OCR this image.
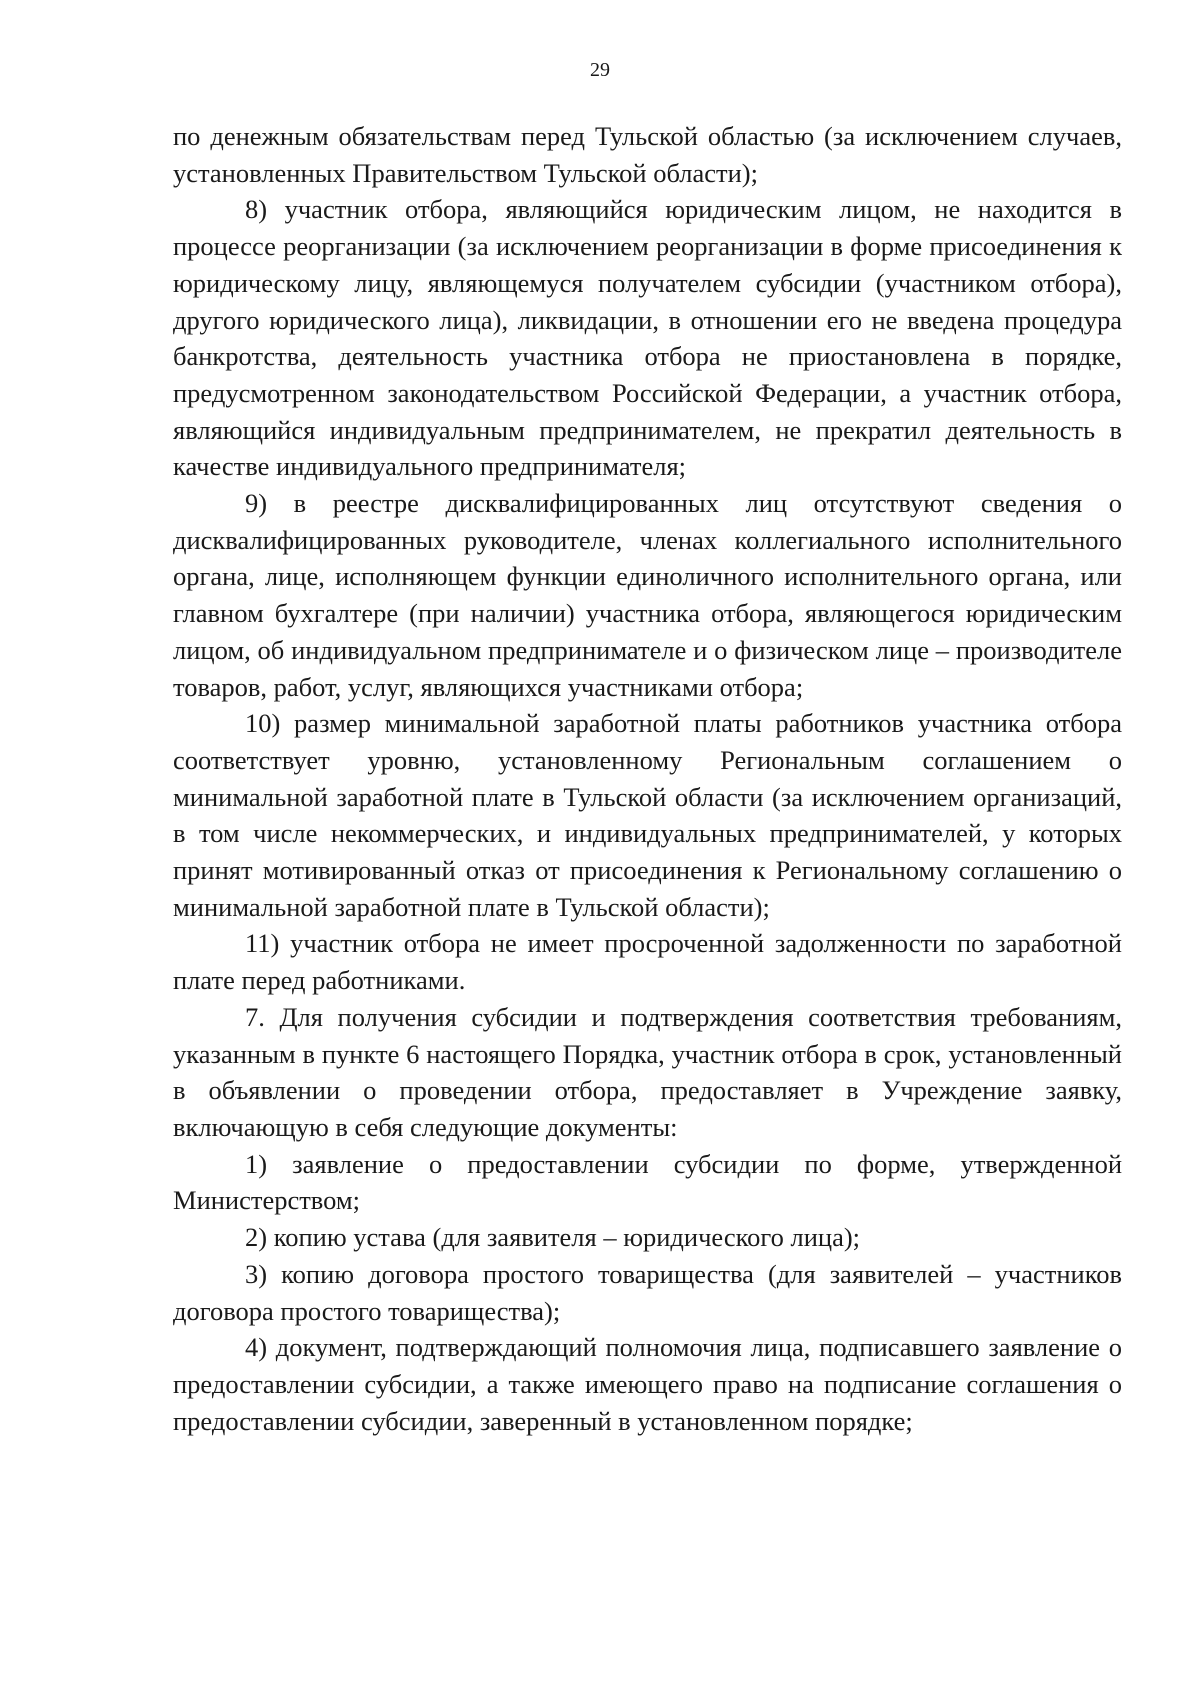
29

по денежным обязательствам перед Тульской областью (за исключением случаев, установленных Правительством Тульской области);

8) участник отбора, являющийся юридическим лицом, не находится в процессе реорганизации (за исключением реорганизации в форме присоединения к юридическому лицу, являющемуся получателем субсидии (участником отбора), другого юридического лица), ликвидации, в отношении его не введена процедура банкротства, деятельность участника отбора не приостановлена в порядке, предусмотренном законодательством Российской Федерации, а участник отбора, являющийся индивидуальным предпринимателем, не прекратил деятельность в качестве индивидуального предпринимателя;

9) в реестре дисквалифицированных лиц отсутствуют сведения о дисквалифицированных руководителе, членах коллегиального исполнительного органа, лице, исполняющем функции единоличного исполнительного органа, или главном бухгалтере (при наличии) участника отбора, являющегося юридическим лицом, об индивидуальном предпринимателе и о физическом лице – производителе товаров, работ, услуг, являющихся участниками отбора;

10) размер минимальной заработной платы работников участника отбора соответствует уровню, установленному Региональным соглашением о минимальной заработной плате в Тульской области (за исключением организаций, в том числе некоммерческих, и индивидуальных предпринимателей, у которых принят мотивированный отказ от присоединения к Региональному соглашению о минимальной заработной плате в Тульской области);

11) участник отбора не имеет просроченной задолженности по заработной плате перед работниками.

7. Для получения субсидии и подтверждения соответствия требованиям, указанным в пункте 6 настоящего Порядка, участник отбора в срок, установленный в объявлении о проведении отбора, предоставляет в Учреждение заявку, включающую в себя следующие документы:

1) заявление о предоставлении субсидии по форме, утвержденной Министерством;

2) копию устава (для заявителя – юридического лица);

3) копию договора простого товарищества (для заявителей – участников договора простого товарищества);

4) документ, подтверждающий полномочия лица, подписавшего заявление о предоставлении субсидии, а также имеющего право на подписание соглашения о предоставлении субсидии, заверенный в установленном порядке;
